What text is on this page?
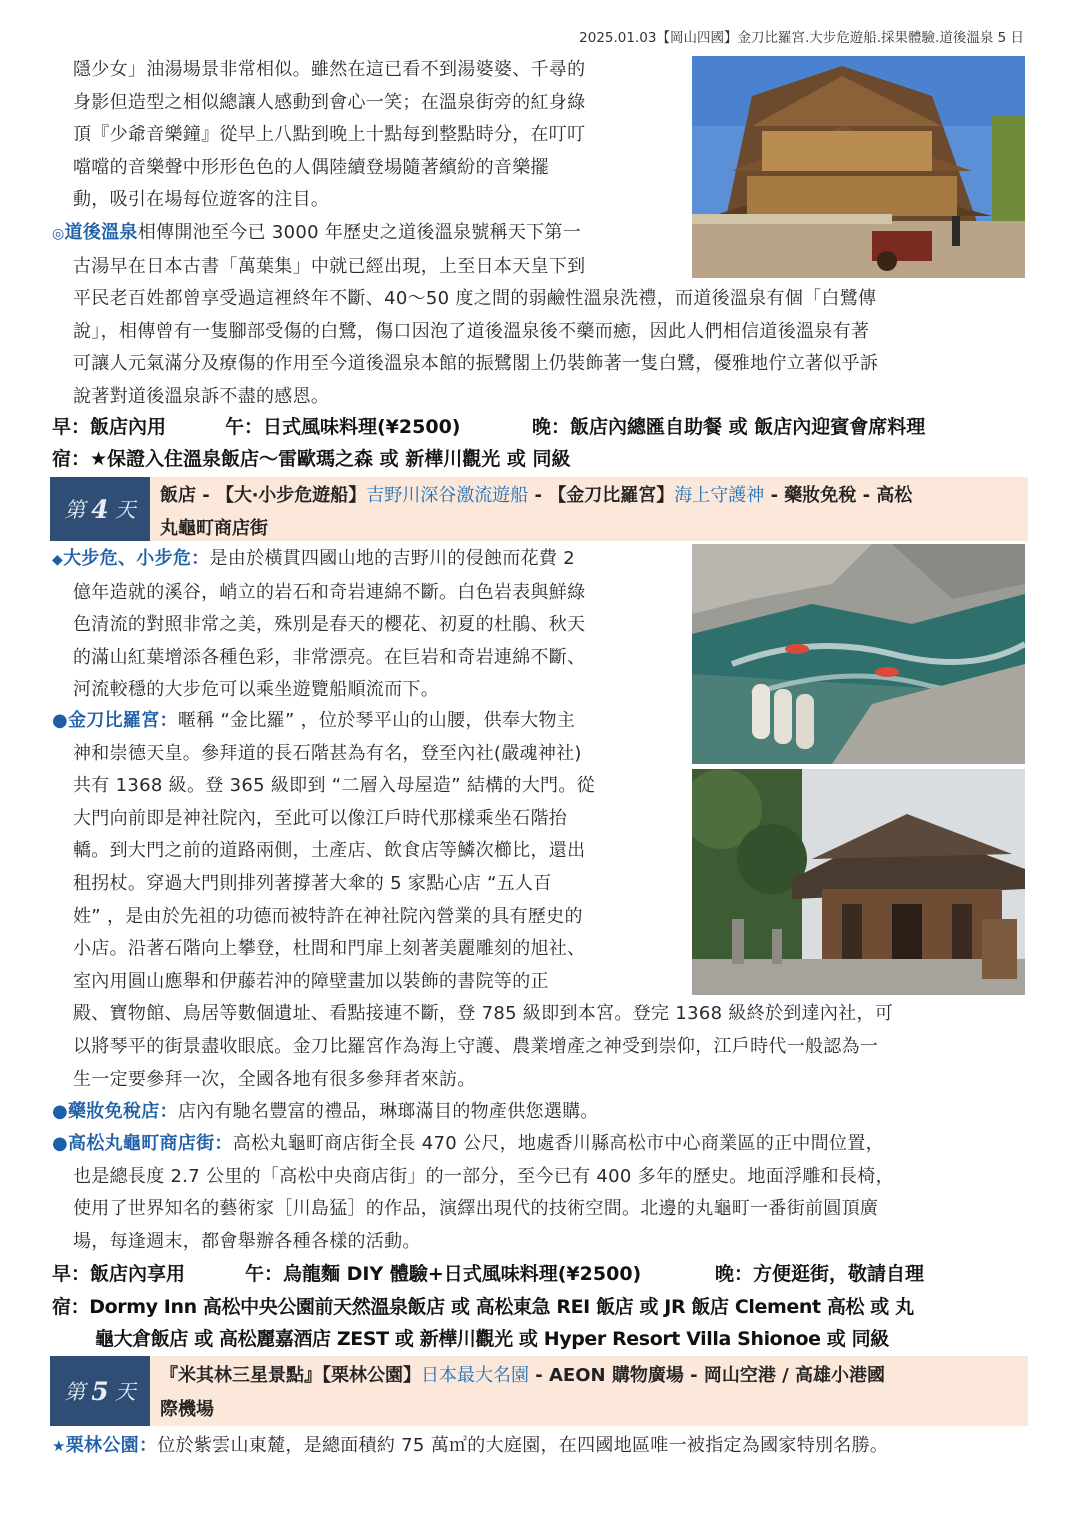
2025.01.03【岡山四國】金刀比羅宮.大步危遊船.採果體驗.道後溫泉 5 日
隱少女」油湯場景非常相似。雖然在這已看不到湯婆婆、千尋的
身影但造型之相似總讓人感動到會心一笑；在溫泉街旁的紅身綠
頂『少爺音樂鐘』從早上八點到晚上十點每到整點時分，在叮叮
噹噹的音樂聲中形形色色的人偶陸續登場隨著繽紛的音樂擺
動，吸引在場每位遊客的注目。
◎道後溫泉相傳開池至今已 3000 年歷史之道後溫泉號稱天下第一
古湯早在日本古書「萬葉集」中就已經出現，上至日本天皇下到
平民老百姓都曾享受過這裡終年不斷、40～50 度之間的弱鹼性溫泉洗禮，而道後溫泉有個「白鷺傳
說」，相傳曾有一隻腳部受傷的白鷺，傷口因泡了道後溫泉後不藥而癒，因此人們相信道後溫泉有著
可讓人元氣滿分及療傷的作用至今道後溫泉本館的振鷺閣上仍裝飾著一隻白鷺，優雅地佇立著似乎訴
說著對道後溫泉訴不盡的感恩。
早：飯店內用	午：日式風味料理(¥2500)	晚：飯店內總匯自助餐 或 飯店內迎賓會席料理
宿：★保證入住溫泉飯店～雷歐瑪之森 或 新樺川觀光 或 同級
第 4 天
飯店 - 【大‧小步危遊船】吉野川深谷激流遊船 - 【金刀比羅宮】海上守護神 - 藥妝免稅 - 高松
丸龜町商店街
◆大步危、小步危：是由於橫貫四國山地的吉野川的侵蝕而花費 2
億年造就的溪谷，峭立的岩石和奇岩連綿不斷。白色岩表與鮮綠
色清流的對照非常之美，殊別是春天的櫻花、初夏的杜鵑、秋天
的滿山紅葉增添各種色彩，非常漂亮。在巨岩和奇岩連綿不斷、
河流較穩的大步危可以乘坐遊覽船順流而下。
●金刀比羅宮：暱稱 “金比羅” ，位於琴平山的山腰，供奉大物主
神和崇德天皇。參拜道的長石階甚為有名，登至內社(嚴魂神社)
共有 1368 級。登 365 級即到 “二層入母屋造” 結構的大門。從
大門向前即是神社院內，至此可以像江戶時代那樣乘坐石階抬
轎。到大門之前的道路兩側，土產店、飲食店等鱗次櫛比，還出
租拐杖。穿過大門則排列著撐著大傘的 5 家點心店 “五人百
姓” ，是由於先祖的功德而被特許在神社院內營業的具有歷史的
小店。沿著石階向上攀登，杜間和門扉上刻著美麗雕刻的旭社、
室內用圓山應舉和伊藤若沖的障壁畫加以裝飾的書院等的正
殿、寶物館、鳥居等數個遺址、看點接連不斷，登 785 級即到本宮。登完 1368 級終於到達內社，可
以將琴平的街景盡收眼底。金刀比羅宮作為海上守護、農業增產之神受到崇仰，江戶時代一般認為一
生一定要參拜一次，全國各地有很多參拜者來訪。
●藥妝免稅店：店內有馳名豐富的禮品，琳瑯滿目的物產供您選購。
●高松丸龜町商店街：高松丸龜町商店街全長 470 公尺，地處香川縣高松市中心商業區的正中間位置，
也是總長度 2.7 公里的「高松中央商店街」的一部分，至今已有 400 多年的歷史。地面浮雕和長椅，
使用了世界知名的藝術家［川島猛］的作品，演繹出現代的技術空間。北邊的丸龜町一番街前圓頂廣
場，每逢週末，都會舉辦各種各樣的活動。
早：飯店內享用	午：烏龍麵 DIY 體驗+日式風味料理(¥2500)	晚：方便逛街，敬請自理
宿：Dormy Inn 高松中央公園前天然溫泉飯店 或 高松東急 REI 飯店 或 JR 飯店 Clement 高松 或 丸
龜大倉飯店 或 高松麗嘉酒店 ZEST 或 新樺川觀光 或 Hyper Resort Villa Shionoe 或 同級
第 5 天
『米其林三星景點』【栗林公園】日本最大名園 - AEON 購物廣場 - 岡山空港 / 高雄小港國
際機場
★栗林公園：位於紫雲山東麓，是總面積約 75 萬㎡的大庭園，在四國地區唯一被指定為國家特別名勝。
